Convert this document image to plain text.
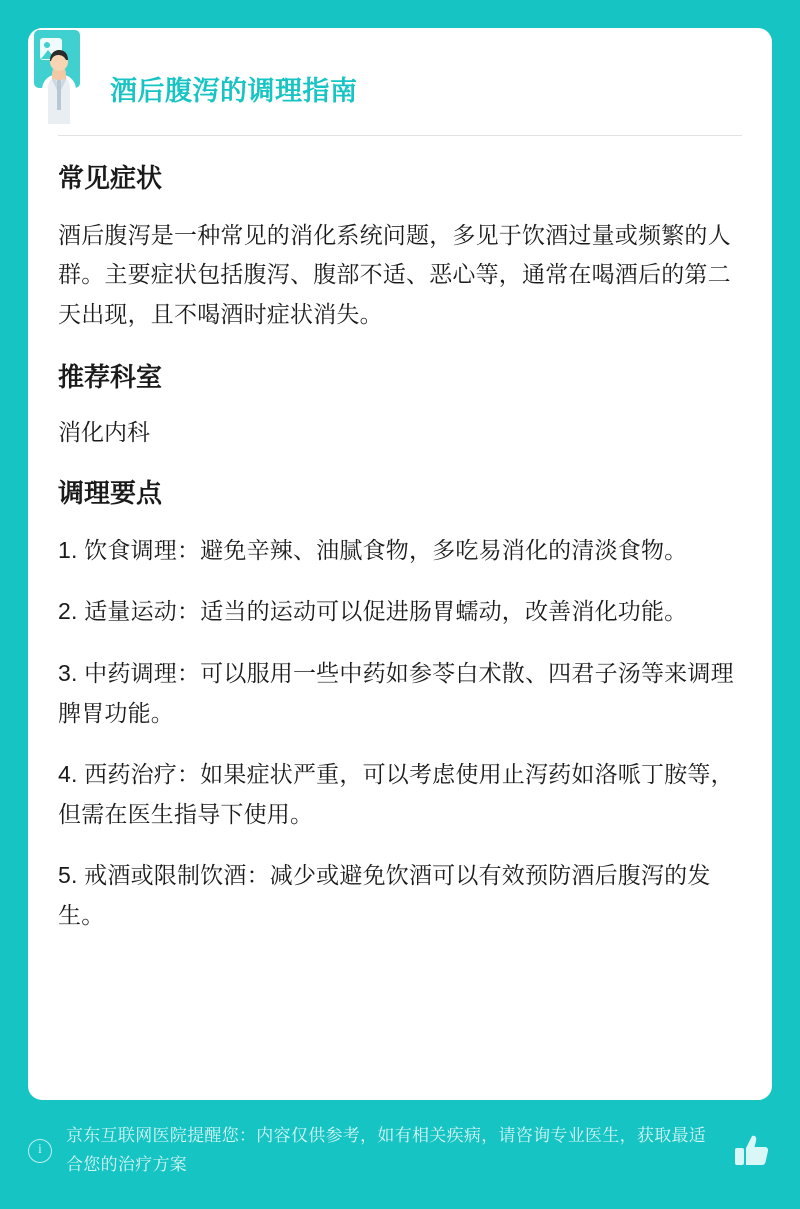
酒后腹泻的调理指南
常见症状

酒后腹泻是一种常见的消化系统问题，多见于饮酒过量或频繁的人群。主要症状包括腹泻、腹部不适、恶心等，通常在喝酒后的第二天出现，且不喝酒时症状消失。

推荐科室

消化内科

调理要点
1. 饮食调理：避免辛辣、油腻食物，多吃易消化的清淡食物。
2. 适量运动：适当的运动可以促进肠胃蠕动，改善消化功能。
3. 中药调理：可以服用一些中药如参苓白术散、四君子汤等来调理脾胃功能。
4. 西药治疗：如果症状严重，可以考虑使用止泻药如洛哌丁胺等，但需在医生指导下使用。
5. 戒酒或限制饮酒：减少或避免饮酒可以有效预防酒后腹泻的发生。
i
京东互联网医院提醒您：内容仅供参考，如有相关疾病，请咨询专业医生，获取最适合您的治疗方案
